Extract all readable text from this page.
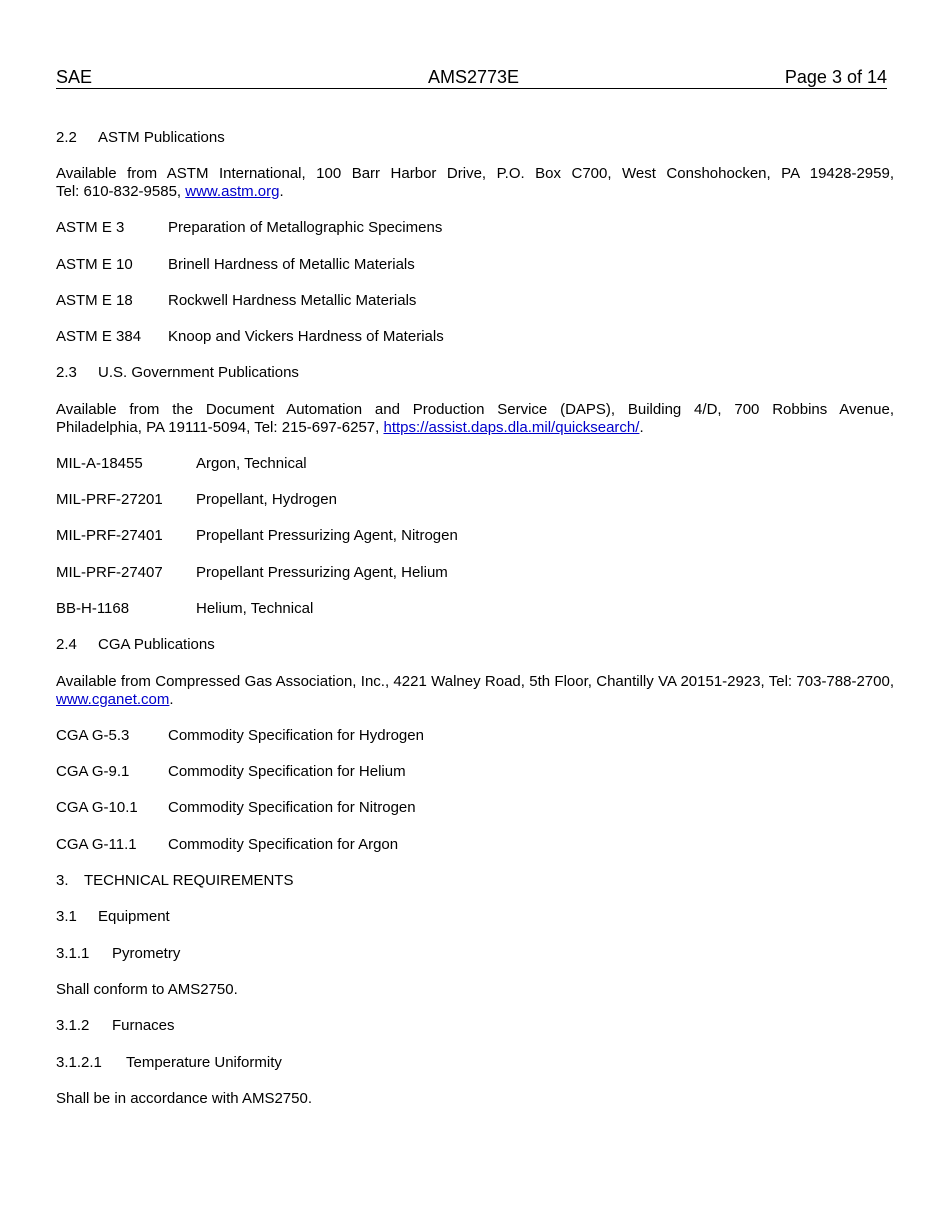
SAE	AMS2773E	Page 3 of 14
2.2 ASTM Publications
Available from ASTM International, 100 Barr Harbor Drive, P.O. Box C700, West Conshohocken, PA 19428-2959,
Tel: 610-832-9585, www.astm.org.
ASTM E 3	Preparation of Metallographic Specimens
ASTM E 10 Brinell Hardness of Metallic Materials
ASTM E 18 Rockwell Hardness Metallic Materials
ASTM E 384 Knoop and Vickers Hardness of Materials
2.3 U.S. Government Publications
Available from the Document Automation and Production Service (DAPS), Building 4/D, 700 Robbins Avenue,
Philadelphia, PA 19111-5094, Tel: 215-697-6257, https://assist.daps.dla.mil/quicksearch/.
MIL-A-18455	Argon, Technical
MIL-PRF-27201 Propellant, Hydrogen
MIL-PRF-27401 Propellant Pressurizing Agent, Nitrogen
MIL-PRF-27407 Propellant Pressurizing Agent, Helium
BB-H-1168	Helium, Technical
2.4 CGA Publications
Available from Compressed Gas Association, Inc., 4221 Walney Road, 5th Floor, Chantilly VA 20151-2923, Tel: 703-788-2700,
www.cganet.com.
CGA G-5.3	Commodity Specification for Hydrogen
CGA G-9.1	Commodity Specification for Helium
CGA G-10.1 Commodity Specification for Nitrogen
CGA G-11.1 Commodity Specification for Argon
3. TECHNICAL REQUIREMENTS
3.1 Equipment
3.1.1 Pyrometry
Shall conform to AMS2750.
3.1.2 Furnaces
3.1.2.1 Temperature Uniformity
Shall be in accordance with AMS2750.
